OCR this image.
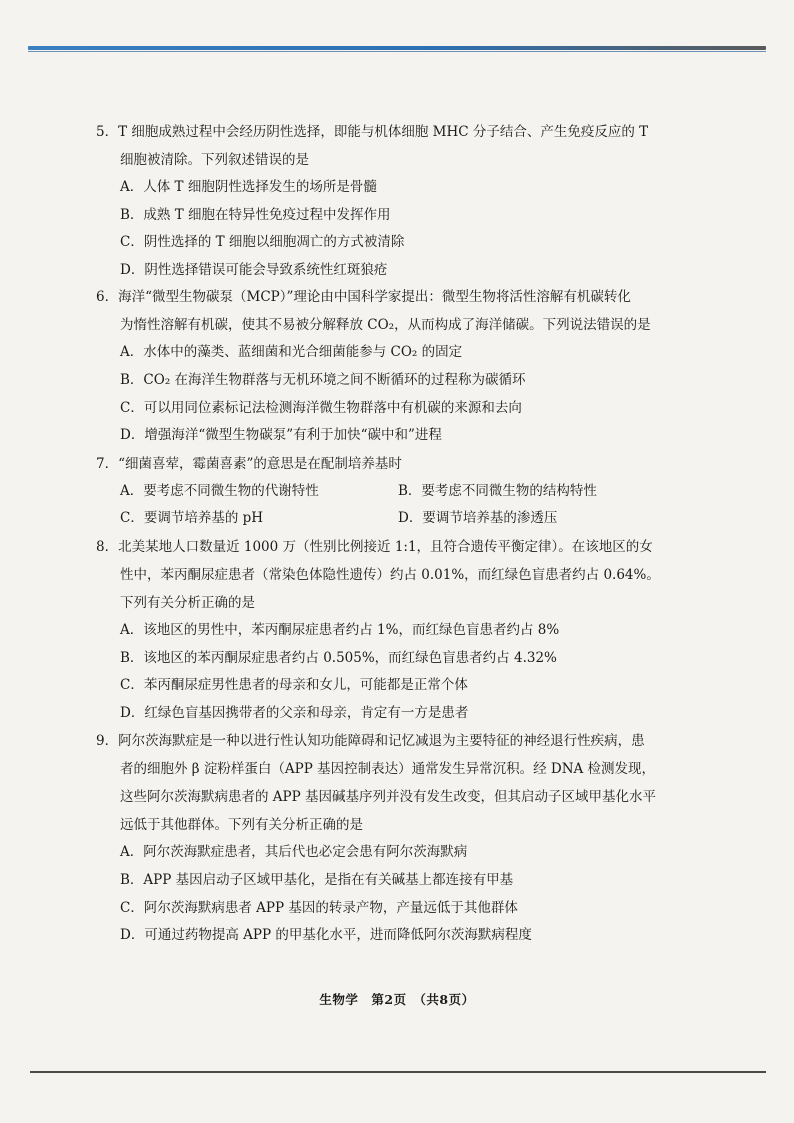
5．T 细胞成熟过程中会经历阴性选择，即能与机体细胞 MHC 分子结合、产生免疫反应的 T
细胞被清除。下列叙述错误的是
A．人体 T 细胞阴性选择发生的场所是骨髓
B．成熟 T 细胞在特异性免疫过程中发挥作用
C．阴性选择的 T 细胞以细胞凋亡的方式被清除
D．阴性选择错误可能会导致系统性红斑狼疮
6．海洋“微型生物碳泵（MCP）”理论由中国科学家提出：微型生物将活性溶解有机碳转化
为惰性溶解有机碳，使其不易被分解释放 CO₂，从而构成了海洋储碳。下列说法错误的是
A．水体中的藻类、蓝细菌和光合细菌能参与 CO₂ 的固定
B．CO₂ 在海洋生物群落与无机环境之间不断循环的过程称为碳循环
C．可以用同位素标记法检测海洋微生物群落中有机碳的来源和去向
D．增强海洋“微型生物碳泵”有利于加快“碳中和”进程
7．“细菌喜荤，霉菌喜素”的意思是在配制培养基时
A．要考虑不同微生物的代谢特性	B．要考虑不同微生物的结构特性
C．要调节培养基的 pH	D．要调节培养基的渗透压
8．北美某地人口数量近 1000 万（性别比例接近 1:1，且符合遗传平衡定律）。在该地区的女
性中，苯丙酮尿症患者（常染色体隐性遗传）约占 0.01%，而红绿色盲患者约占 0.64%。
下列有关分析正确的是
A．该地区的男性中，苯丙酮尿症患者约占 1%，而红绿色盲患者约占 8%
B．该地区的苯丙酮尿症患者约占 0.505%，而红绿色盲患者约占 4.32%
C．苯丙酮尿症男性患者的母亲和女儿，可能都是正常个体
D．红绿色盲基因携带者的父亲和母亲，肯定有一方是患者
9．阿尔茨海默症是一种以进行性认知功能障碍和记忆减退为主要特征的神经退行性疾病，患
者的细胞外 β 淀粉样蛋白（APP 基因控制表达）通常发生异常沉积。经 DNA 检测发现，
这些阿尔茨海默病患者的 APP 基因碱基序列并没有发生改变，但其启动子区域甲基化水平
远低于其他群体。下列有关分析正确的是
A．阿尔茨海默症患者，其后代也必定会患有阿尔茨海默病
B．APP 基因启动子区域甲基化，是指在有关碱基上都连接有甲基
C．阿尔茨海默病患者 APP 基因的转录产物，产量远低于其他群体
D．可通过药物提高 APP 的甲基化水平，进而降低阿尔茨海默病程度
生物学　第2页　（共8页）
